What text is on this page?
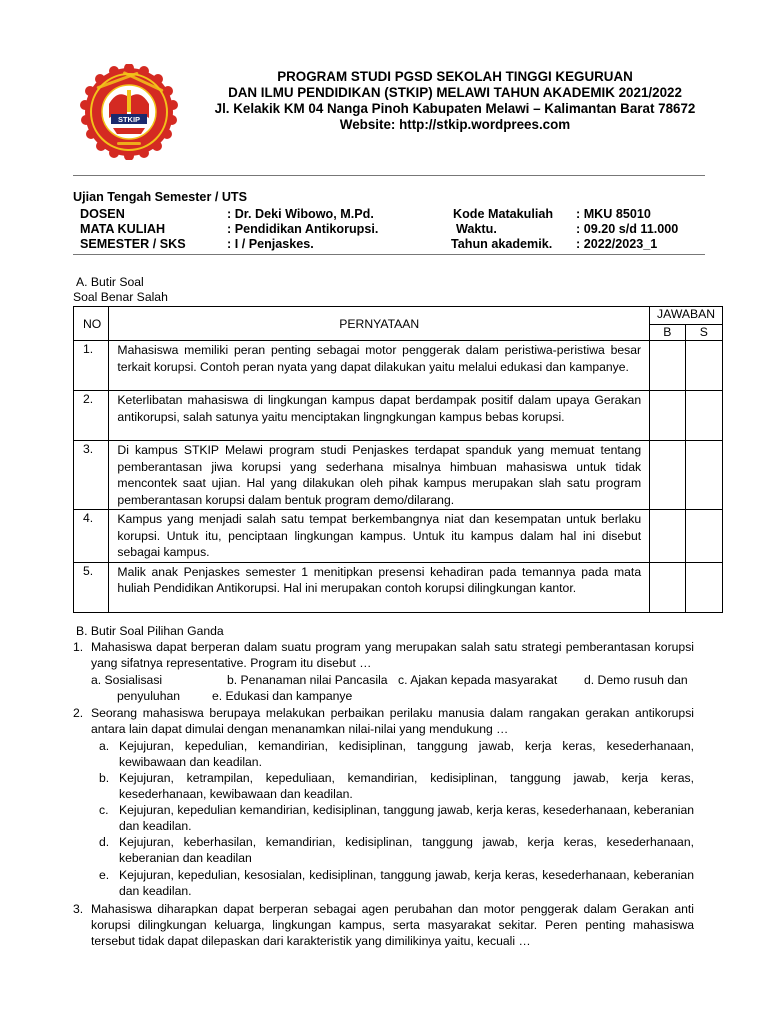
STKIP
PROGRAM STUDI PGSD SEKOLAH TINGGI KEGURUAN
DAN ILMU PENDIDIKAN (STKIP) MELAWI TAHUN AKADEMIK 2021/2022
Jl. Kelakik KM 04 Nanga Pinoh Kabupaten Melawi – Kalimantan Barat 78672
Website: http://stkip.wordprees.com
Ujian Tengah Semester / UTS
DOSEN	: Dr. Deki Wibowo, M.Pd.	Kode Matakuliah : MKU 85010
MATA KULIAH	: Pendidikan Antikorupsi.	Waktu.	: 09.20 s/d 11.000
SEMESTER / SKS	: I / Penjaskes.	Tahun akademik. : 2022/2023_1
A. Butir Soal
Soal Benar Salah
NO	PERNYATAAN	JAWABAN	
		B	S
1.	Mahasiswa memiliki peran penting sebagai motor penggerak dalam peristiwa-peristiwa besar terkait korupsi. Contoh peran nyata yang dapat dilakukan yaitu melalui edukasi dan kampanye.		
2.	Keterlibatan mahasiswa di lingkungan kampus dapat berdampak positif dalam upaya Gerakan antikorupsi, salah satunya yaitu menciptakan lingngkungan kampus bebas korupsi.		
3.	Di kampus STKIP Melawi program studi Penjaskes terdapat spanduk yang memuat tentang pemberantasan jiwa korupsi yang sederhana misalnya himbuan mahasiswa untuk tidak mencontek saat ujian. Hal yang dilakukan oleh pihak kampus merupakan slah satu program pemberantasan korupsi dalam bentuk program demo/dilarang.		
4.	Kampus yang menjadi salah satu tempat berkembangnya niat dan kesempatan untuk berlaku korupsi. Untuk itu, penciptaan lingkungan kampus. Untuk itu kampus dalam hal ini disebut sebagai kampus.		
5.	Malik anak Penjaskes semester 1 menitipkan presensi kehadiran pada temannya pada mata huliah Pendidikan Antikorupsi. Hal ini merupakan contoh korupsi dilingkungan kantor.		
B. Butir Soal Pilihan Ganda
1. Mahasiswa dapat berperan dalam suatu program yang merupakan salah satu strategi pemberantasan korupsi yang sifatnya representative. Program itu disebut …
a. Sosialisasi	b. Penanaman nilai Pancasila c. Ajakan kepada masyarakat d. Demo rusuh dan
penyuluhan	e. Edukasi dan kampanye
2. Seorang mahasiswa berupaya melakukan perbaikan perilaku manusia dalam rangakan gerakan antikorupsi antara lain dapat dimulai dengan menanamkan nilai-nilai yang mendukung …
a. Kejujuran, kepedulian, kemandirian, kedisiplinan, tanggung jawab, kerja keras, kesederhanaan, kewibawaan dan keadilan.
b. Kejujuran, ketrampilan, kepeduliaan, kemandirian, kedisiplinan, tanggung jawab, kerja keras, kesederhanaan, kewibawaan dan keadilan.
c. Kejujuran, kepedulian kemandirian, kedisiplinan, tanggung jawab, kerja keras, kesederhanaan, keberanian dan keadilan.
d. Kejujuran, keberhasilan, kemandirian, kedisiplinan, tanggung jawab, kerja keras, kesederhanaan, keberanian dan keadilan
e. Kejujuran, kepedulian, kesosialan, kedisiplinan, tanggung jawab, kerja keras, kesederhanaan, keberanian dan keadilan.
3. Mahasiswa diharapkan dapat berperan sebagai agen perubahan dan motor penggerak dalam Gerakan anti korupsi dilingkungan keluarga, lingkungan kampus, serta masyarakat sekitar. Peren penting mahasiswa tersebut tidak dapat dilepaskan dari karakteristik yang dimilikinya yaitu, kecuali …
